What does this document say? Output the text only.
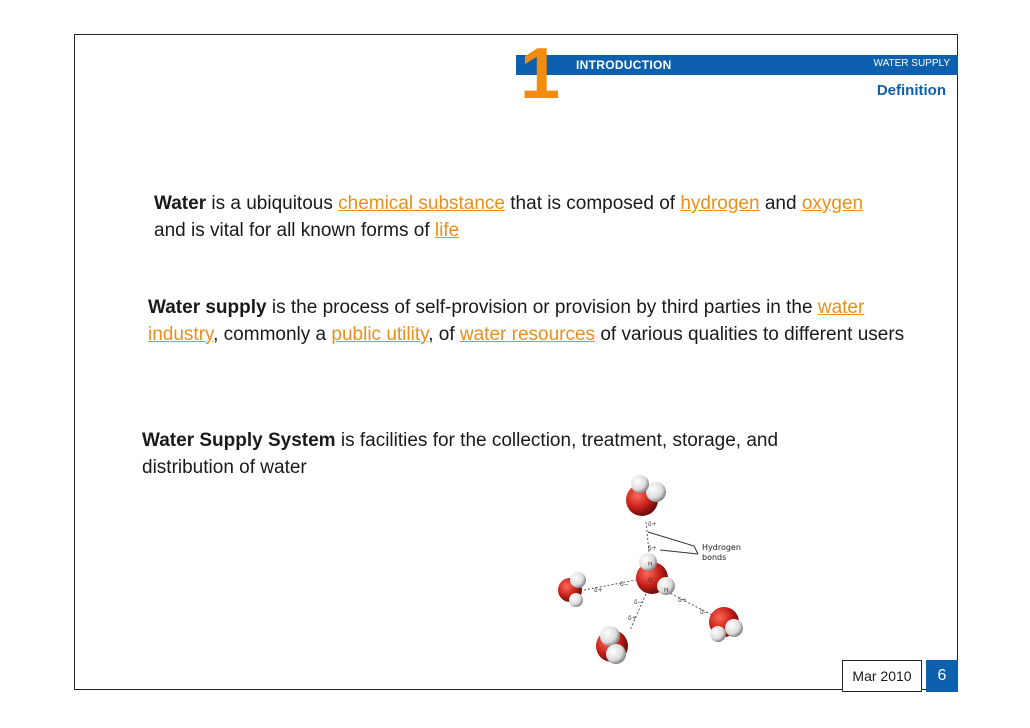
1 INTRODUCTION	WATER SUPPLY
Definition

Water is a ubiquitous chemical substance that is composed of hydrogen and oxygen and is vital for all known forms of life

Water supply is the process of self-provision or provision by third parties in the water industry, commonly a public utility, of water resources of various qualities to different users

Water Supply System is facilities for the collection, treatment, storage, and distribution of water

δ+
δ+
H
O
H
δ+
δ−
δ−	δ+
δ−
δ+
Hydrogen
bonds
Mar 2010	6
